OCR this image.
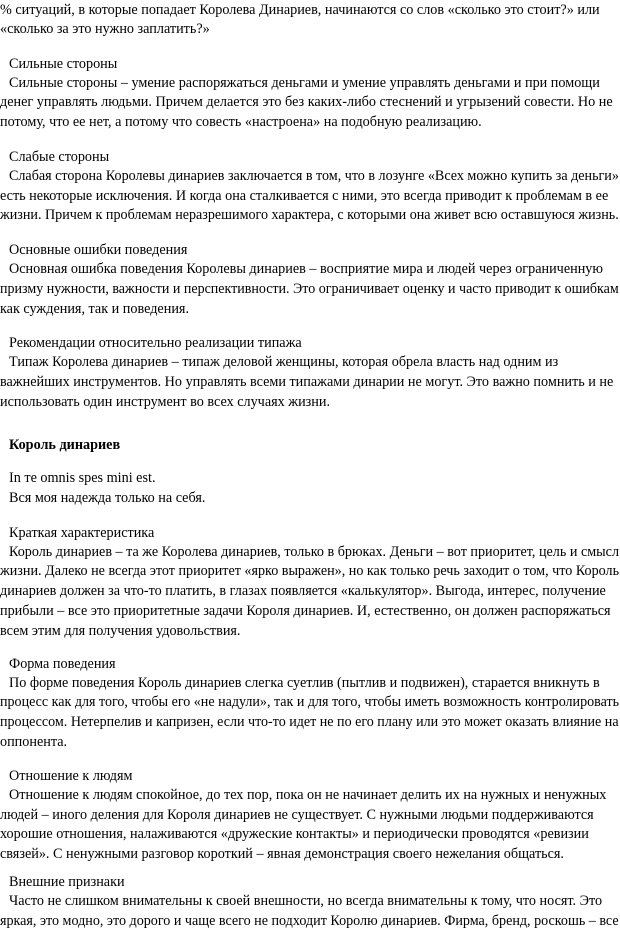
% ситуаций, в которые попадает Королева Динариев, начинаются со слов «сколько это стоит?» или
«сколько за это нужно заплатить?»
Сильные стороны
Сильные стороны – умение распоряжаться деньгами и умение управлять деньгами и при помощи
денег управлять людьми. Причем делается это без каких-либо стеснений и угрызений совести. Но не
потому, что ее нет, а потому что совесть «настроена» на подобную реализацию.
Слабые стороны
Слабая сторона Королевы динариев заключается в том, что в лозунге «Всех можно купить за деньги»
есть некоторые исключения. И когда она сталкивается с ними, это всегда приводит к проблемам в ее
жизни. Причем к проблемам неразрешимого характера, с которыми она живет всю оставшуюся жизнь.
Основные ошибки поведения
Основная ошибка поведения Королевы динариев – восприятие мира и людей через ограниченную
призму нужности, важности и перспективности. Это ограничивает оценку и часто приводит к ошибкам
как суждения, так и поведения.
Рекомендации относительно реализации типажа
Типаж Королева динариев – типаж деловой женщины, которая обрела власть над одним из
важнейших инструментов. Но управлять всеми типажами динарии не могут. Это важно помнить и не
использовать один инструмент во всех случаях жизни.
Король динариев
In те omnis spes mini est.
Вся моя надежда только на себя.
Краткая характеристика
Король динариев – та же Королева динариев, только в брюках. Деньги – вот приоритет, цель и смысл
жизни. Далеко не всегда этот приоритет «ярко выражен», но как только речь заходит о том, что Король
динариев должен за что-то платить, в глазах появляется «калькулятор». Выгода, интерес, получение
прибыли – все это приоритетные задачи Короля динариев. И, естественно, он должен распоряжаться
всем этим для получения удовольствия.
Форма поведения
По форме поведения Король динариев слегка суетлив (пытлив и подвижен), старается вникнуть в
процесс как для того, чтобы его «не надули», так и для того, чтобы иметь возможность контролировать
процессом. Нетерпелив и капризен, если что-то идет не по его плану или это может оказать влияние на
оппонента.
Отношение к людям
Отношение к людям спокойное, до тех пор, пока он не начинает делить их на нужных и ненужных
людей – иного деления для Короля динариев не существует. С нужными людьми поддерживаются
хорошие отношения, налаживаются «дружеские контакты» и периодически проводятся «ревизии
связей». С ненужными разговор короткий – явная демонстрация своего нежелания общаться.
Внешние признаки
Часто не слишком внимательны к своей внешности, но всегда внимательны к тому, что носят. Это
яркая, это модно, это дорого и чаще всего не подходит Королю динариев. Фирма, бренд, роскошь – все
